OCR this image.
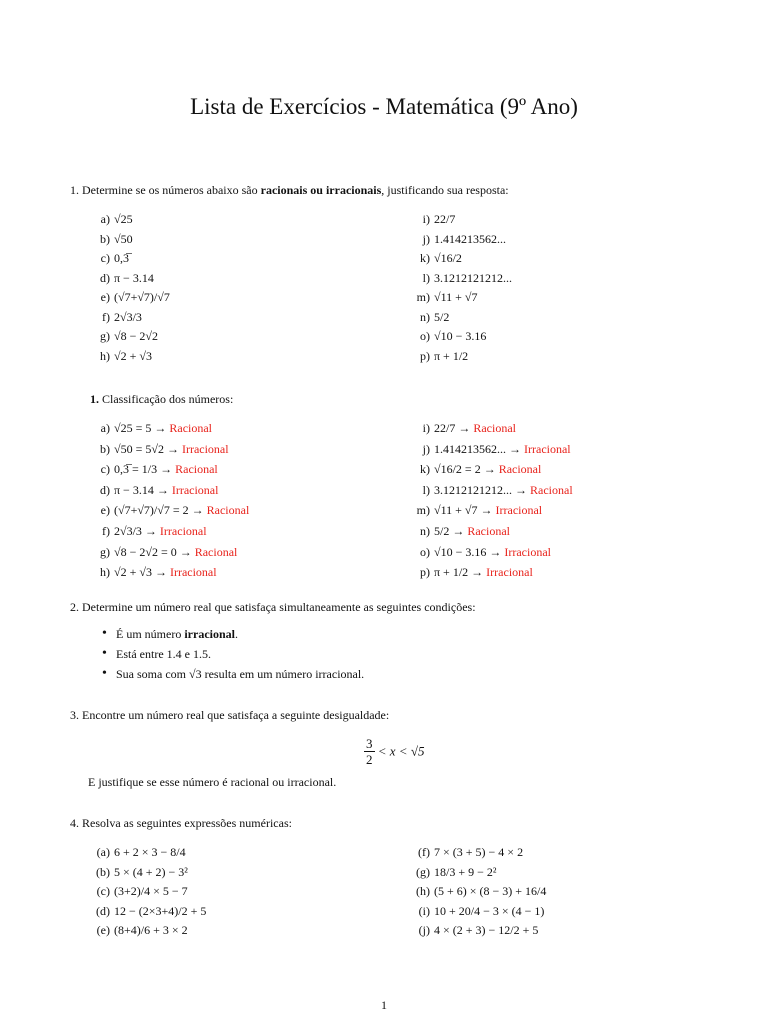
Lista de Exercícios - Matemática (9º Ano)
1. Determine se os números abaixo são racionais ou irracionais, justificando sua resposta:
a) √25
b) √50
c) 0,3̅
d) π − 3.14
e) (√7+√7)/√7
f) 2√3/3
g) √8 − 2√2
h) √2 + √3
i) 22/7
j) 1.414213562...
k) √16/2
l) 3.1212121212...
m) √11 + √7
n) 5/2
o) √10 − 3.16
p) π + 1/2
1. Classificação dos números:
a) √25 = 5 → Racional
b) √50 = 5√2 → Irracional
c) 0,3̅ = 1/3 → Racional
d) π − 3.14 → Irracional
e) (√7+√7)/√7 = 2 → Racional
f) 2√3/3 → Irracional
g) √8 − 2√2 = 0 → Racional
h) √2 + √3 → Irracional
i) 22/7 → Racional
j) 1.414213562... → Irracional
k) √16/2 = 2 → Racional
l) 3.1212121212... → Racional
m) √11 + √7 → Irracional
n) 5/2 → Racional
o) √10 − 3.16 → Irracional
p) π + 1/2 → Irracional
2. Determine um número real que satisfaça simultaneamente as seguintes condições:
• É um número irracional.
• Está entre 1.4 e 1.5.
• Sua soma com √3 resulta em um número irracional.
3. Encontre um número real que satisfaça a seguinte desigualdade:
$\frac{3}{2} < x < √5$
E justifique se esse número é racional ou irracional.
4. Resolva as seguintes expressões numéricas:
(a) 6 + 2 × 3 − 8/4
(b) 5 × (4 + 2) − 3²
(c) (3+2)/4 × 5 − 7
(d) 12 − (2×3+4)/2 + 5
(e) (8+4)/6 + 3 × 2
(f) 7 × (3 + 5) − 4 × 2
(g) 18/3 + 9 − 2²
(h) (5 + 6) × (8 − 3) + 16/4
(i) 10 + 20/4 − 3 × (4 − 1)
(j) 4 × (2 + 3) − 12/2 + 5
1
